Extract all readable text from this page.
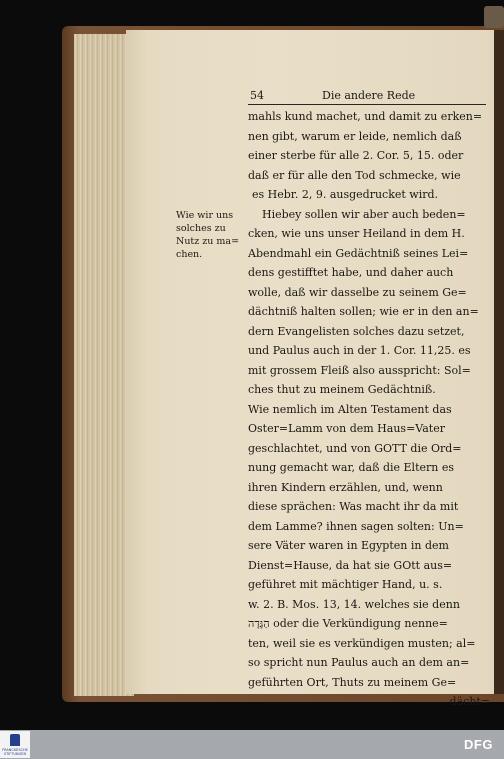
54	Die andere Rede
Wie wir uns
solches zu
Nutz zu ma=
chen.
mahls kund machet, und damit zu erken=
nen gibt, warum er leide, nemlich daß
einer sterbe für alle 2. Cor. 5, 15. oder
daß er für alle den Tod schmecke, wie
es Hebr. 2, 9. ausgedrucket wird.
Hiebey sollen wir aber auch beden=
cken, wie uns unser Heiland in dem H.
Abendmahl ein Gedächtniß seines Lei=
dens gestifftet habe, und daher auch
wolle, daß wir dasselbe zu seinem Ge=
dächtniß halten sollen; wie er in den an=
dern Evangelisten solches dazu setzet,
und Paulus auch in der 1. Cor. 11,25. es
mit grossem Fleiß also ausspricht: Sol=
ches thut zu meinem Gedächtniß.
Wie nemlich im Alten Testament das
Oster=Lamm von dem Haus=Vater
geschlachtet, und von GOTT die Ord=
nung gemacht war, daß die Eltern es
ihren Kindern erzählen, und, wenn
diese sprächen: Was macht ihr da mit
dem Lamme? ihnen sagen solten: Un=
sere Väter waren in Egypten in dem
Dienst=Hause, da hat sie GOtt aus=
geführet mit mächtiger Hand, u. s.
w. 2. B. Mos. 13, 14. welches sie denn
הַגָּדָה oder die Verkündigung nenne=
ten, weil sie es verkündigen musten; al=
so spricht nun Paulus auch an dem an=
geführten Ort, Thuts zu meinem Ge=
dächt=
FRANCKESCHE STIFTUNGEN
DFG
